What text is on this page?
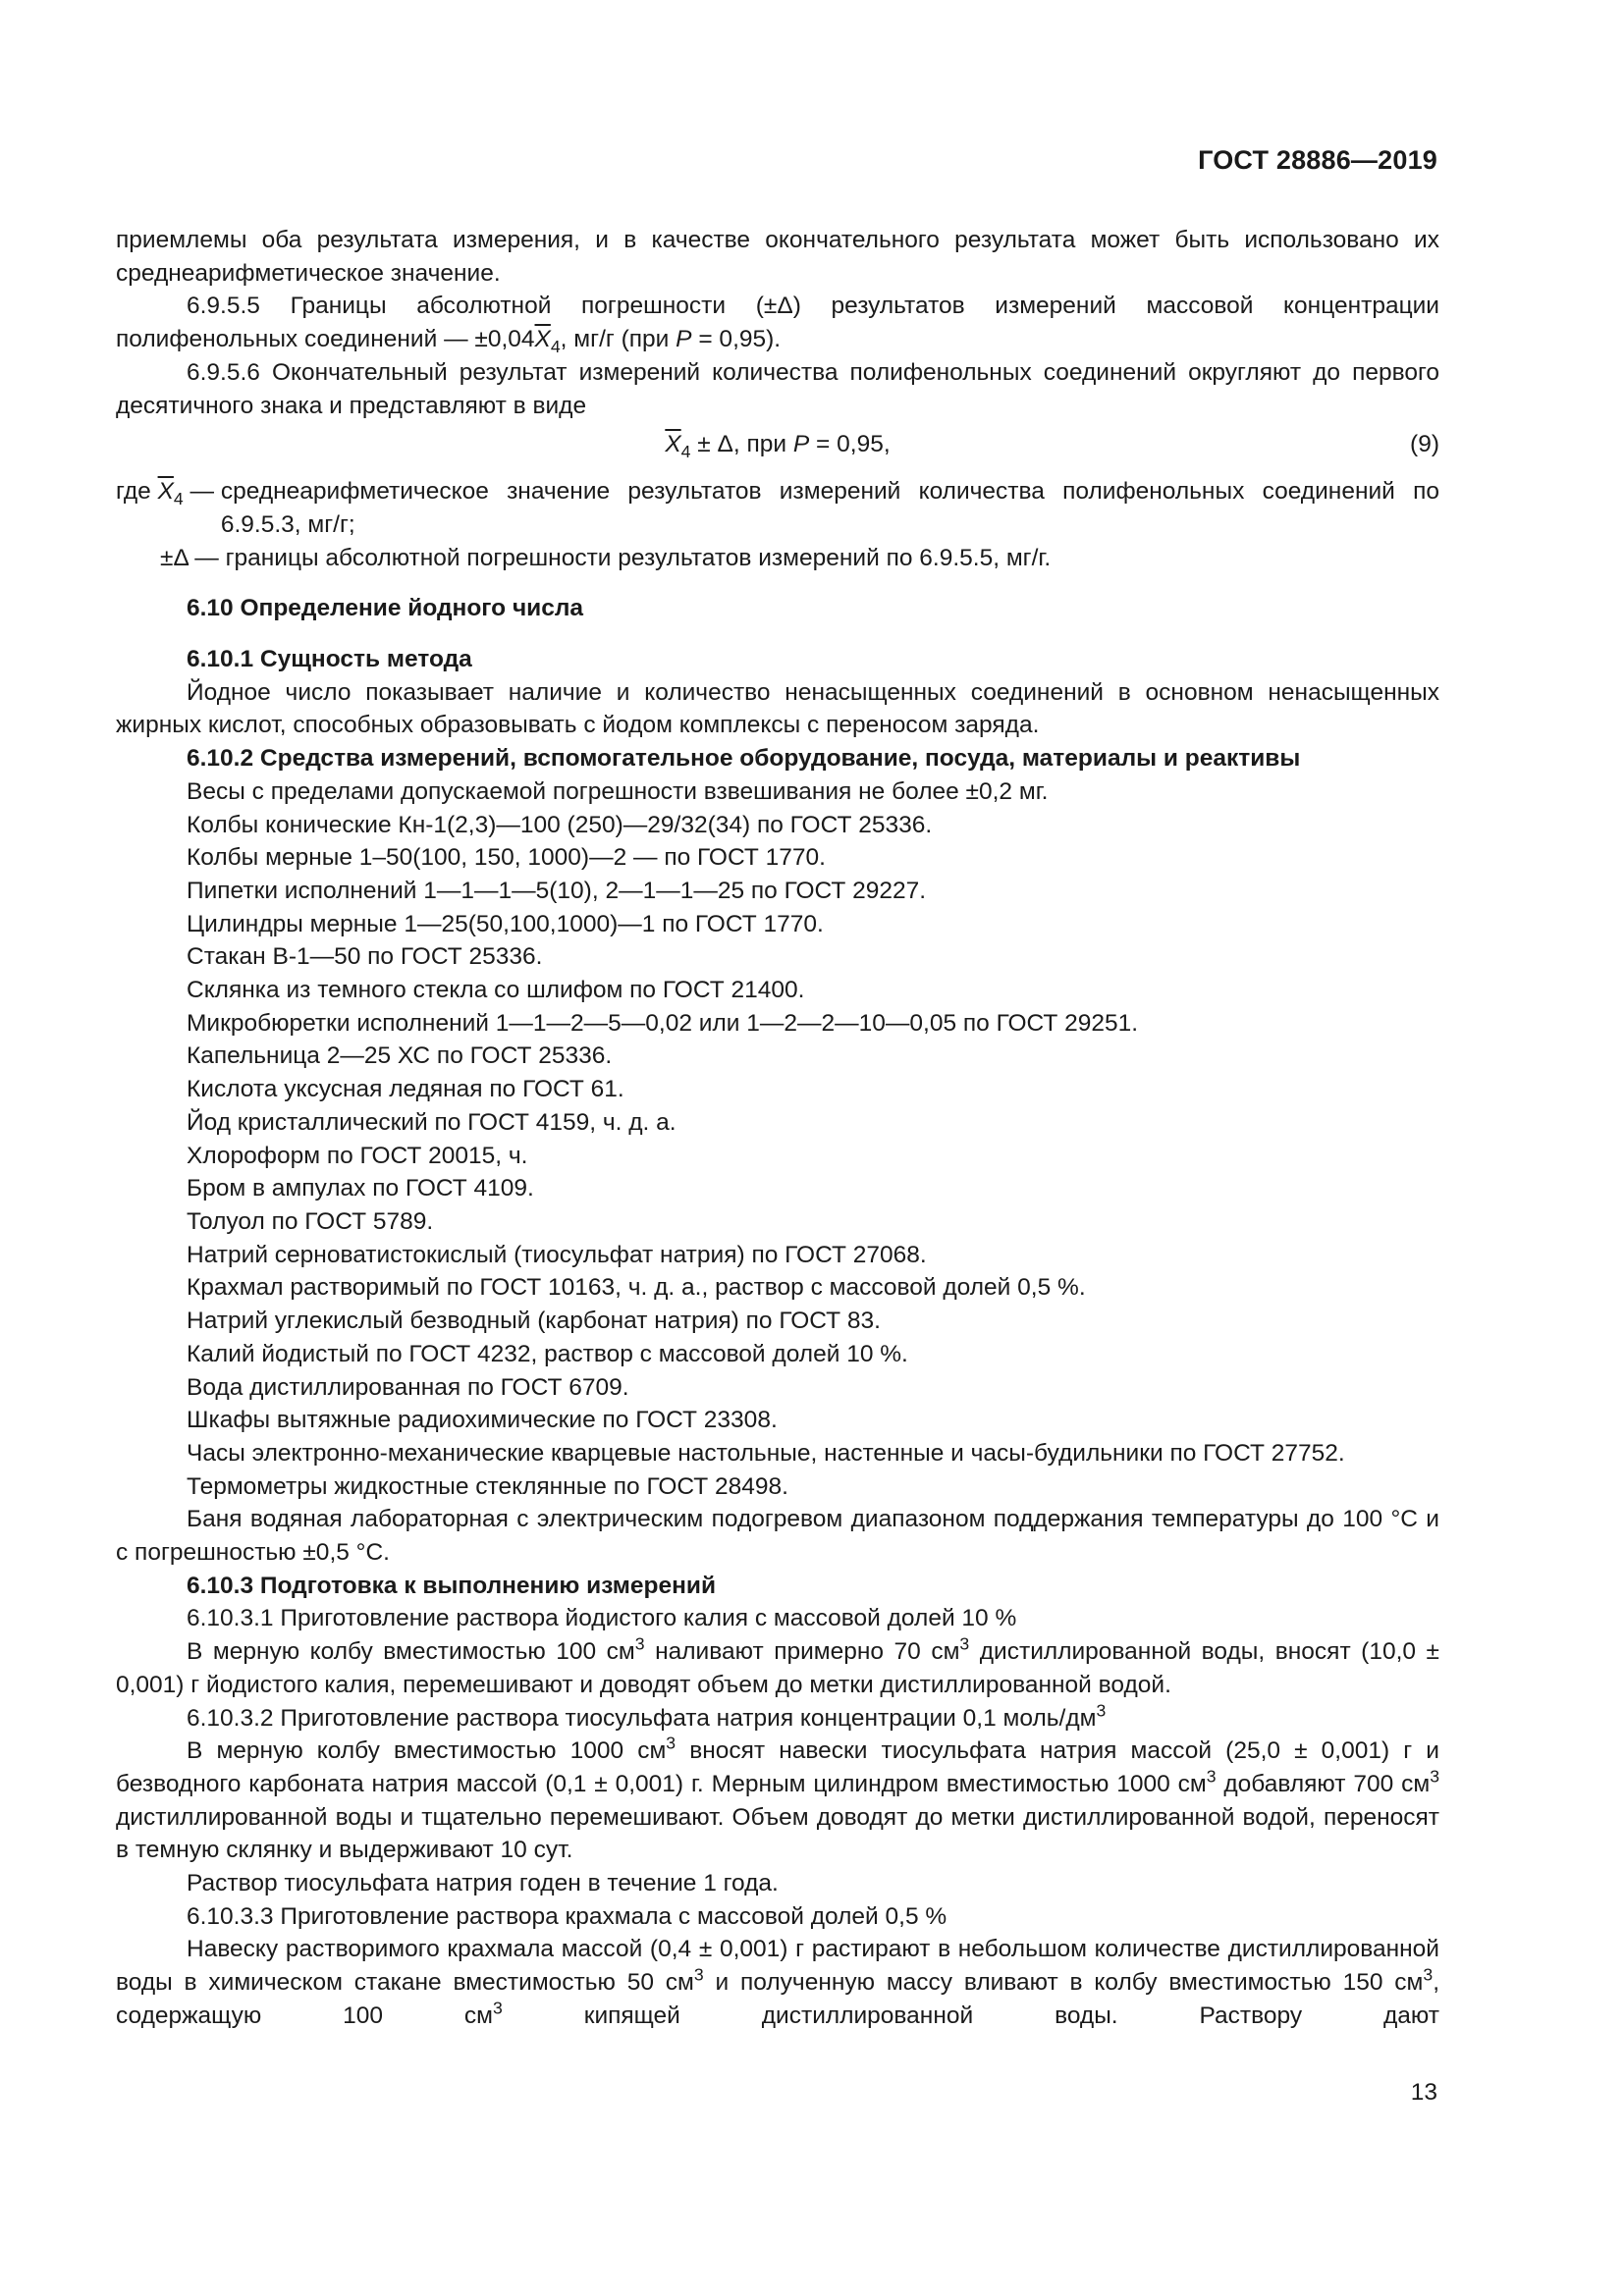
ГОСТ 28886—2019

приемлемы оба результата измерения, и в качестве окончательного результата может быть использовано их среднеарифметическое значение.

6.9.5.5 Границы абсолютной погрешности (±Δ) результатов измерений массовой концентрации полифенольных соединений — $\pm 0,04\overline{X}_4$, мг/г (при P = 0,95).

6.9.5.6 Окончательный результат измерений количества полифенольных соединений округляют до первого десятичного знака и представляют в виде

$\overline{X}_4 \pm \Delta$, при P = 0,95,	(9)
где $\overline{X}_4$ — среднеарифметическое значение результатов измерений количества полифенольных соединений по 6.9.5.3, мг/г;
±Δ — границы абсолютной погрешности результатов измерений по 6.9.5.5, мг/г.

6.10 Определение йодного числа

6.10.1 Сущность метода

Йодное число показывает наличие и количество ненасыщенных соединений в основном ненасыщенных жирных кислот, способных образовывать с йодом комплексы с переносом заряда.

6.10.2 Средства измерений, вспомогательное оборудование, посуда, материалы и реактивы

Весы с пределами допускаемой погрешности взвешивания не более ±0,2 мг.

Колбы конические Кн-1(2,3)—100 (250)—29/32(34) по ГОСТ 25336.

Колбы мерные 1–50(100, 150, 1000)—2 — по ГОСТ 1770.

Пипетки исполнений 1—1—1—5(10), 2—1—1—25 по ГОСТ 29227.

Цилиндры мерные 1—25(50,100,1000)—1 по ГОСТ 1770.

Стакан В-1—50 по ГОСТ 25336.

Склянка из темного стекла со шлифом по ГОСТ 21400.

Микробюретки исполнений 1—1—2—5—0,02 или 1—2—2—10—0,05 по ГОСТ 29251.

Капельница 2—25 ХС по ГОСТ 25336.

Кислота уксусная ледяная по ГОСТ 61.

Йод кристаллический по ГОСТ 4159, ч. д. а.

Хлороформ по ГОСТ 20015, ч.

Бром в ампулах по ГОСТ 4109.

Толуол по ГОСТ 5789.

Натрий серноватистокислый (тиосульфат натрия) по ГОСТ 27068.

Крахмал растворимый по ГОСТ 10163, ч. д. а., раствор с массовой долей 0,5 %.

Натрий углекислый безводный (карбонат натрия) по ГОСТ 83.

Калий йодистый по ГОСТ 4232, раствор с массовой долей 10 %.

Вода дистиллированная по ГОСТ 6709.

Шкафы вытяжные радиохимические по ГОСТ 23308.

Часы электронно-механические кварцевые настольные, настенные и часы-будильники по ГОСТ 27752.

Термометры жидкостные стеклянные по ГОСТ 28498.

Баня водяная лабораторная с электрическим подогревом диапазоном поддержания температуры до 100 °С и с погрешностью ±0,5 °С.

6.10.3 Подготовка к выполнению измерений

6.10.3.1 Приготовление раствора йодистого калия с массовой долей 10 %

В мерную колбу вместимостью 100 $см^3$ наливают примерно 70 $см^3$ дистиллированной воды, вносят (10,0 ± 0,001) г йодистого калия, перемешивают и доводят объем до метки дистиллированной водой.

6.10.3.2 Приготовление раствора тиосульфата натрия концентрации 0,1 моль/$дм^3$

В мерную колбу вместимостью 1000 $см^3$ вносят навески тиосульфата натрия массой (25,0 ± 0,001) г и безводного карбоната натрия массой (0,1 ± 0,001) г. Мерным цилиндром вместимостью 1000 $см^3$ добавляют 700 $см^3$ дистиллированной воды и тщательно перемешивают. Объем доводят до метки дистиллированной водой, переносят в темную склянку и выдерживают 10 сут.

Раствор тиосульфата натрия годен в течение 1 года.

6.10.3.3 Приготовление раствора крахмала с массовой долей 0,5 %

Навеску растворимого крахмала массой (0,4 ± 0,001) г растирают в небольшом количестве дистиллированной воды в химическом стакане вместимостью 50 $см^3$ и полученную массу вливают в колбу вместимостью 150 $см^3$, содержащую 100 $см^3$ кипящей дистиллированной воды. Раствору дают

13
